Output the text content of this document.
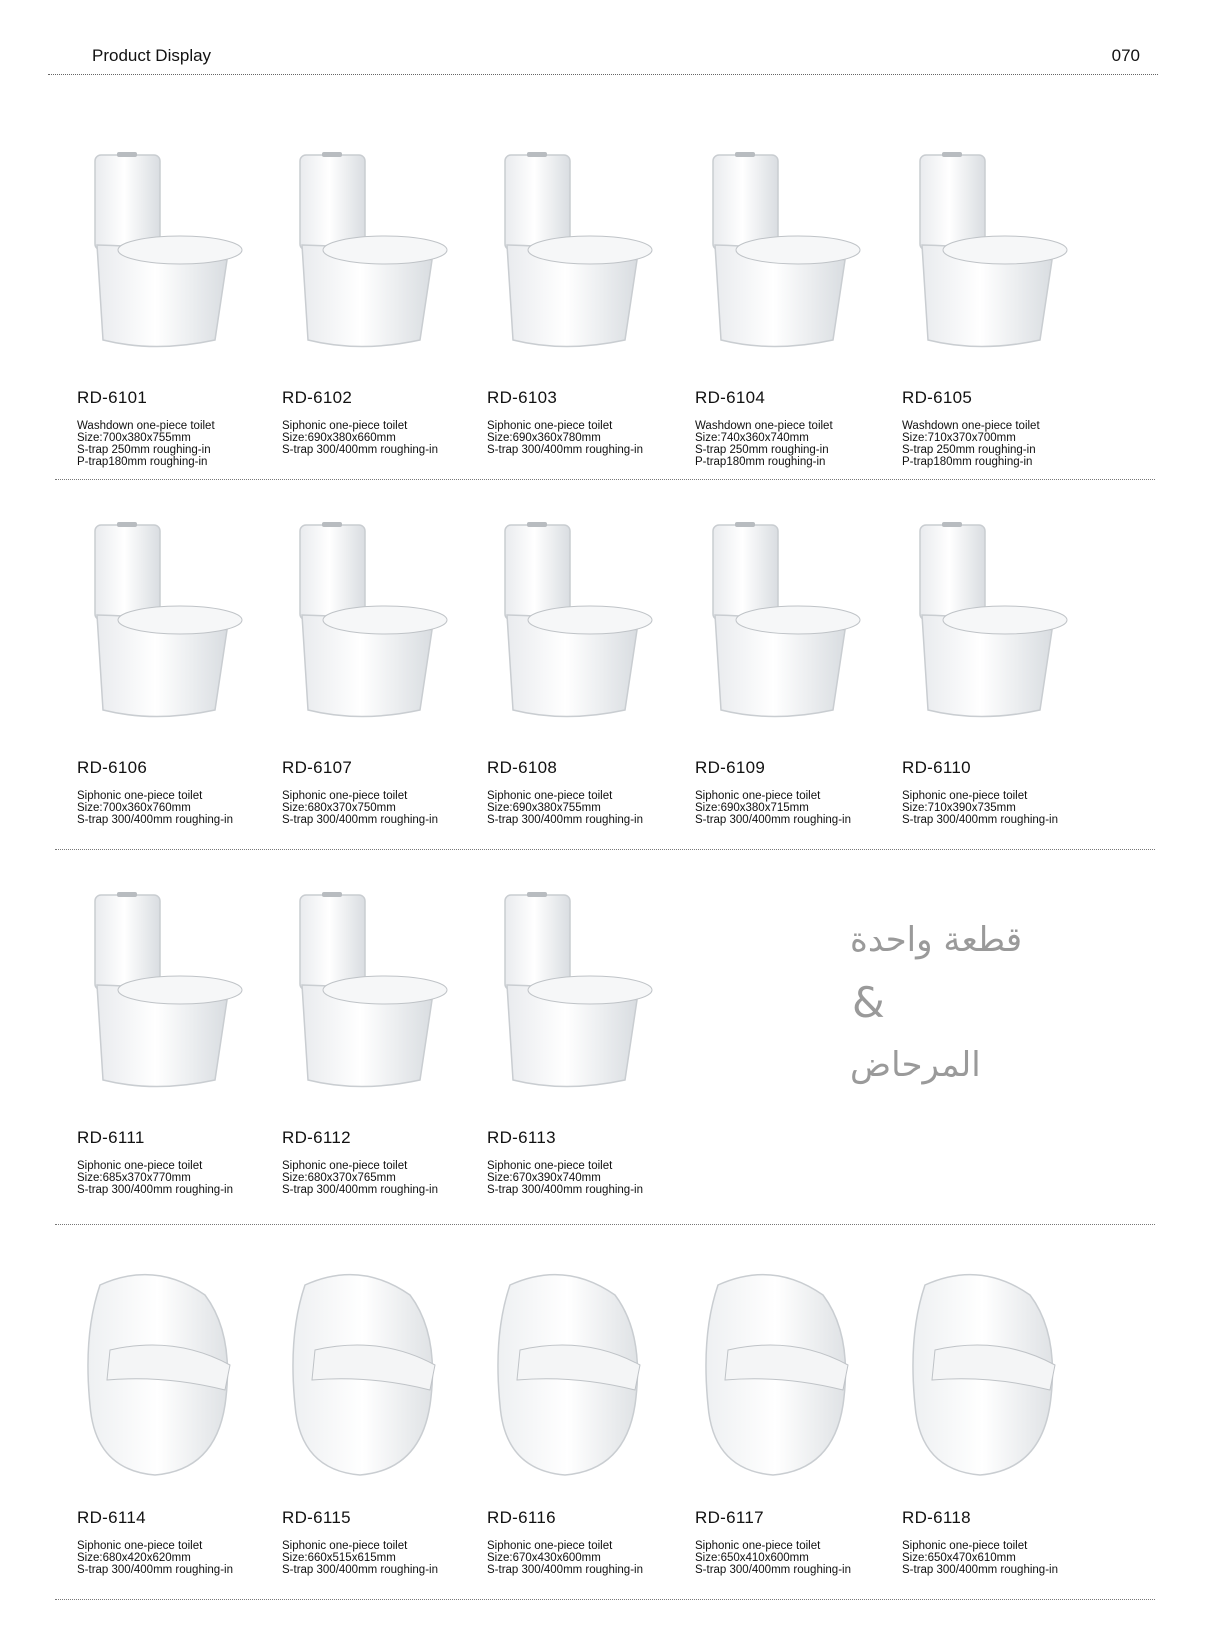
Product Display	070
RD-6101
Washdown one-piece toilet
Size:700x380x755mm
S-trap 250mm roughing-in
P-trap180mm roughing-in
RD-6102
Siphonic one-piece toilet
Size:690x380x660mm
S-trap 300/400mm roughing-in
RD-6103
Siphonic one-piece toilet
Size:690x360x780mm
S-trap 300/400mm roughing-in
RD-6104
Washdown one-piece toilet
Size:740x360x740mm
S-trap 250mm roughing-in
P-trap180mm roughing-in
RD-6105
Washdown one-piece toilet
Size:710x370x700mm
S-trap 250mm roughing-in
P-trap180mm roughing-in
RD-6106
Siphonic one-piece toilet
Size:700x360x760mm
S-trap 300/400mm roughing-in
RD-6107
Siphonic one-piece toilet
Size:680x370x750mm
S-trap 300/400mm roughing-in
RD-6108
Siphonic one-piece toilet
Size:690x380x755mm
S-trap 300/400mm roughing-in
RD-6109
Siphonic one-piece toilet
Size:690x380x715mm
S-trap 300/400mm roughing-in
RD-6110
Siphonic one-piece toilet
Size:710x390x735mm
S-trap 300/400mm roughing-in
RD-6111
Siphonic one-piece toilet
Size:685x370x770mm
S-trap 300/400mm roughing-in
RD-6112
Siphonic one-piece toilet
Size:680x370x765mm
S-trap 300/400mm roughing-in
RD-6113
Siphonic one-piece toilet
Size:670x390x740mm
S-trap 300/400mm roughing-in
RD-6114
Siphonic one-piece toilet
Size:680x420x620mm
S-trap 300/400mm roughing-in
RD-6115
Siphonic one-piece toilet
Size:660x515x615mm
S-trap 300/400mm roughing-in
RD-6116
Siphonic one-piece toilet
Size:670x430x600mm
S-trap 300/400mm roughing-in
RD-6117
Siphonic one-piece toilet
Size:650x410x600mm
S-trap 300/400mm roughing-in
RD-6118
Siphonic one-piece toilet
Size:650x470x610mm
S-trap 300/400mm roughing-in
قطعة واحدة
&
المرحاض
